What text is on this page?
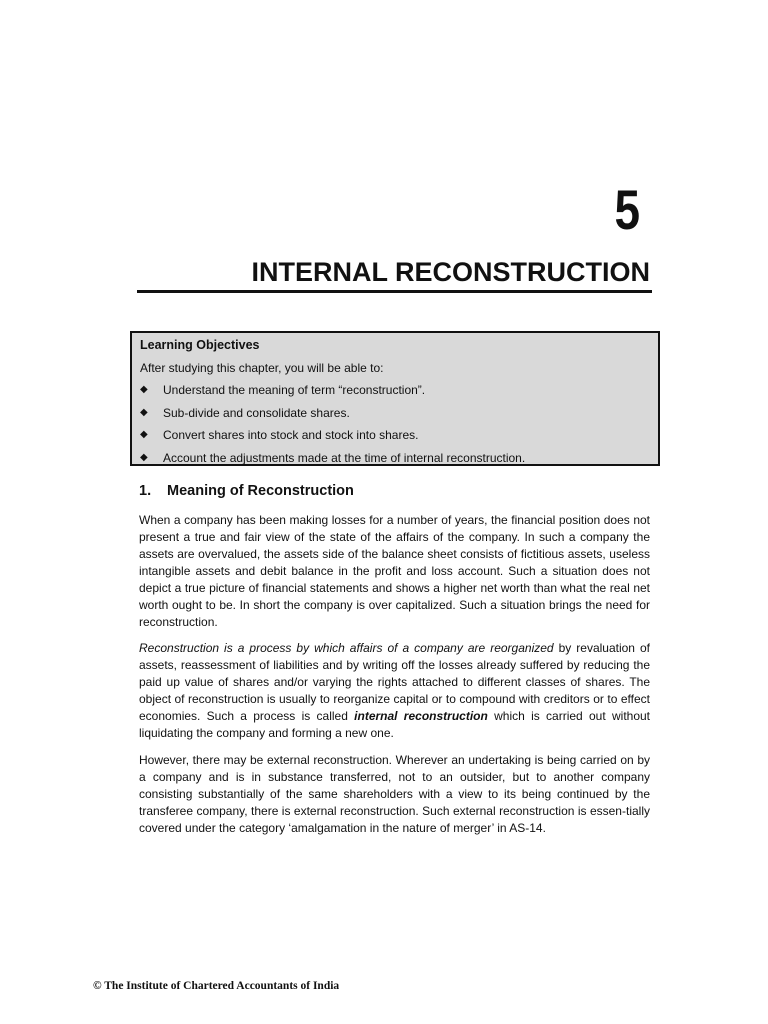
5
INTERNAL RECONSTRUCTION
Learning Objectives
After studying this chapter, you will be able to:
◆ Understand the meaning of term “reconstruction”.
◆ Sub-divide and consolidate shares.
◆ Convert shares into stock and stock into shares.
◆ Account the adjustments made at the time of internal reconstruction.
1. Meaning of Reconstruction

When a company has been making losses for a number of years, the financial position does not present a true and fair view of the state of the affairs of the company. In such a company the assets are overvalued, the assets side of the balance sheet consists of fictitious assets, useless intangible assets and debit balance in the profit and loss account. Such a situation does not depict a true picture of financial statements and shows a higher net worth than what the real net worth ought to be. In short the company is over capitalized. Such a situation brings the need for reconstruction.

Reconstruction is a process by which affairs of a company are reorganized by revaluation of assets, reassessment of liabilities and by writing off the losses already suffered by reducing the paid up value of shares and/or varying the rights attached to different classes of shares. The object of reconstruction is usually to reorganize capital or to compound with creditors or to effect economies. Such a process is called internal reconstruction which is carried out without liquidating the company and forming a new one.

However, there may be external reconstruction. Wherever an undertaking is being carried on by a company and is in substance transferred, not to an outsider, but to another company consisting substantially of the same shareholders with a view to its being continued by the transferee company, there is external reconstruction. Such external reconstruction is essen-tially covered under the category ‘amalgamation in the nature of merger’ in AS-14.

© The Institute of Chartered Accountants of India
